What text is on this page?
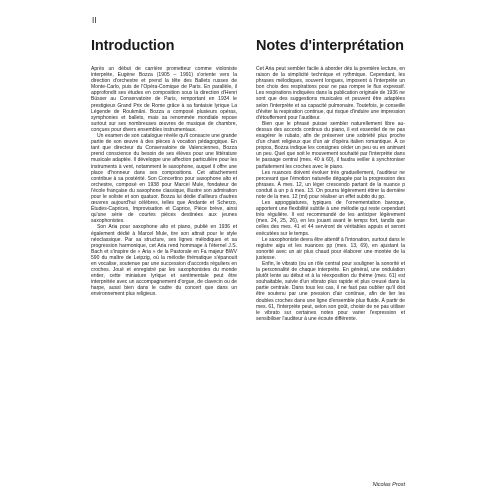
II
Introduction

Après un début de carrière prometteur comme violoniste interprète, Eugène Bozza (1905 – 1991) s'oriente vers la direction d'orchestre et prend la tête des Ballets russes de Monte-Carlo, puis de l'Opéra-Comique de Paris. En parallèle, il approfondit ses études en composition sous la direction d'Henri Büsser au Conservatoire de Paris, remportant en 1934 le prestigieux Grand Prix de Rome grâce à sa fantaisie lyrique La Légende de Roukmâni. Bozza a composé plusieurs opéras, symphonies et ballets, mais sa renommée mondiale repose surtout sur ses nombreuses œuvres de musique de chambre, conçues pour divers ensembles instrumentaux.

Un examen de son catalogue révèle qu'il consacre une grande partie de son œuvre à des pièces à vocation pédagogique. En tant que directeur du Conservatoire de Valenciennes, Bozza prend conscience du besoin de ses élèves pour une littérature musicale adaptée. Il développe une affection particulière pour les instruments à vent, notamment le saxophone, auquel il offre une place d'honneur dans ses compositions. Cet attachement contribue à sa postérité. Son Concertino pour saxophone alto et orchestre, composé en 1938 pour Marcel Mule, fondateur de l'école française du saxophone classique, illustre son admiration pour le soliste et son quatuor. Bozza lui dédie d'ailleurs d'autres œuvres aujourd'hui célèbres, telles que Andante et Scherzo, Études-Caprices, Improvisation et Caprice, Pièce brève, ainsi qu'une série de courtes pièces destinées aux jeunes saxophonistes.

Son Aria pour saxophone alto et piano, publié en 1936 et également dédié à Marcel Mule, tire son attrait pour le style néoclassique. Par sa structure, ses lignes mélodiques et sa progression harmonique, cet Aria rend hommage à l'éternel J.S. Bach et s'inspire de « Aria » de la Pastorale en Fa majeur BWV 590 du maître de Leipzig, où la mélodie thématique s'épanouit en vocalise, soutenue par une succession d'accords réguliers en croches. Joué et enregistré par les saxophonistes du monde entier, cette miniature lyrique et sentimentale peut être interprétée avec un accompagnement d'orgue, de clavecin ou de harpe, aussi bien dans le cadre du concert que dans un environnement plus religieux.

Notes d'interprétation

Cet Aria peut sembler facile à aborder dès la première lecture, en raison de la simplicité technique et rythmique. Cependant, les phrases mélodiques, souvent longues, imposent à l'interprète un bon choix des respirations pour ne pas rompre le flux expressif. Les respirations indiquées dans la publication originale de 1936 ne sont que des suggestions musicales et peuvent être adaptées selon l'interprète et sa capacité pulmonaire. Toutefois, je conseille d'éviter la respiration continue, qui risque d'induire une impression d'étouffement pour l'auditeur.

Bien que le phrasé puisse sembler naturellement libre au-dessus des accords continus du piano, il est essentiel de ne pas exagérer le rubato, afin de préserver une sobriété plus proche d'un chant religieux que d'un air d'opéra italien romantique. À ce propos, Bozza indique les consignes céder un peu ou en animant un peu. Quel que soit le mouvement souhaité par l'interprète dans le passage central (mes. 40 à 60), il faudra veiller à synchroniser parfaitement les croches avec le piano.

Les nuances doivent évoluer très graduellement, l'auditeur ne percevant que l'émotion naturelle dégagée par la progression des phrases. À mes. 12, un léger crescendo partant de la nuance p conduit à un p à mes. 13. On pourra légèrement étirer la dernière note de la mes. 12 (mi) pour réaliser un effet subito du pp.

Les appoggiatures, typiques de l'ornementation baroque, apportent une flexibilité subtile à une mélodie qui reste cependant très régulière. Il est recommandé de les anticiper légèrement (mes. 24, 25, 26), en les jouant avant le temps fort, tandis que celles des mes. 41 et 44 serviront de véritables appuis et seront exécutées sur le temps.

Le saxophoniste devra être attentif à l'intonation, surtout dans le registre aigu et les nuances pp (mes. 13, 69), en ajustant la sonorité avec un air plus chaud pour élaborer une montée de la justesse.

Enfin, le vibrato (ou un rôle central pour souligner la sonorité et la personnalité de chaque interprète. En général, une ondulation plutôt lente au début et à la réexposition du thème (mes. 61) est souhaitable, suivie d'un vibrato plus rapide et plus creusé dans la partie centrale. Dans tous les cas, il ne faut pas oublier qu'il doit être soutenu par une pression d'air continue, afin de lier les doubles croches dans une ligne d'ensemble plus fluide. À partir de mes. 61, l'interprète peut, selon son goût, choisir de ne pas utiliser le vibrato sur certaines notes pour varier l'expression et sensibiliser l'auditeur à une écoute différente.

Nicolas Prost
